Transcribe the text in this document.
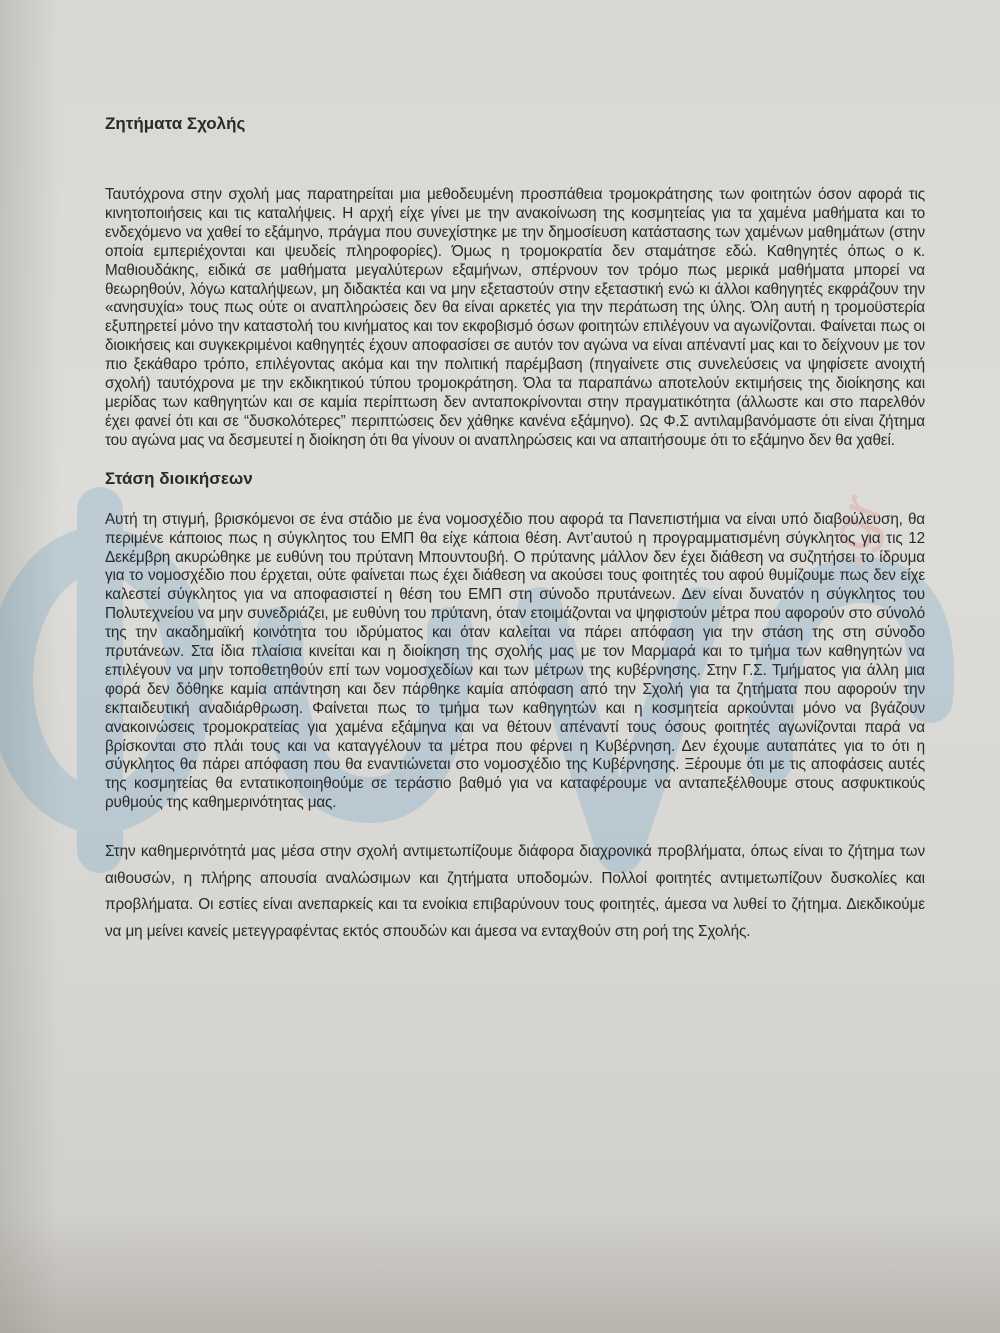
.gr
Ζητήματα Σχολής

Ταυτόχρονα στην σχολή μας παρατηρείται μια μεθοδευμένη προσπάθεια τρομοκράτησης των φοιτητών όσον αφορά τις κινητοποιήσεις και τις καταλήψεις. Η αρχή είχε γίνει με την ανακοίνωση της κοσμητείας για τα χαμένα μαθήματα και το ενδεχόμενο να χαθεί το εξάμηνο, πράγμα που συνεχίστηκε με την δημοσίευση κατάστασης των χαμένων μαθημάτων (στην οποία εμπεριέχονται και ψευδείς πληροφορίες). Όμως η τρομοκρατία δεν σταμάτησε εδώ. Καθηγητές όπως ο κ. Μαθιουδάκης, ειδικά σε μαθήματα μεγαλύτερων εξαμήνων, σπέρνουν τον τρόμο πως μερικά μαθήματα μπορεί να θεωρηθούν, λόγω καταλήψεων, μη διδακτέα και να μην εξεταστούν στην εξεταστική ενώ κι άλλοι καθηγητές εκφράζουν την «ανησυχία» τους πως ούτε οι αναπληρώσεις δεν θα είναι αρκετές για την περάτωση της ύλης. Όλη αυτή η τρομοϋστερία εξυπηρετεί μόνο την καταστολή του κινήματος και τον εκφοβισμό όσων φοιτητών επιλέγουν να αγωνίζονται. Φαίνεται πως οι διοικήσεις και συγκεκριμένοι καθηγητές έχουν αποφασίσει σε αυτόν τον αγώνα να είναι απέναντί μας και το δείχνουν με τον πιο ξεκάθαρο τρόπο, επιλέγοντας ακόμα και την πολιτική παρέμβαση (πηγαίνετε στις συνελεύσεις να ψηφίσετε ανοιχτή σχολή) ταυτόχρονα με την εκδικητικού τύπου τρομοκράτηση. Όλα τα παραπάνω αποτελούν εκτιμήσεις της διοίκησης και μερίδας των καθηγητών και σε καμία περίπτωση δεν ανταποκρίνονται στην πραγματικότητα (άλλωστε και στο παρελθόν έχει φανεί ότι και σε “δυσκολότερες” περιπτώσεις δεν χάθηκε κανένα εξάμηνο). Ως Φ.Σ αντιλαμβανόμαστε ότι είναι ζήτημα του αγώνα μας να δεσμευτεί η διοίκηση ότι θα γίνουν οι αναπληρώσεις και να απαιτήσουμε ότι το εξάμηνο δεν θα χαθεί.

Στάση διοικήσεων

Αυτή τη στιγμή, βρισκόμενοι σε ένα στάδιο με ένα νομοσχέδιο που αφορά τα Πανεπιστήμια να είναι υπό διαβούλευση, θα περιμένε κάποιος πως η σύγκλητος του ΕΜΠ θα είχε κάποια θέση. Αντ’αυτού η προγραμματισμένη σύγκλητος για τις 12 Δεκέμβρη ακυρώθηκε με ευθύνη του πρύτανη Μπουντουβή. Ο πρύτανης μάλλον δεν έχει διάθεση να συζητήσει το ίδρυμα για το νομοσχέδιο που έρχεται, ούτε φαίνεται πως έχει διάθεση να ακούσει τους φοιτητές του αφού θυμίζουμε πως δεν είχε καλεστεί σύγκλητος για να αποφασιστεί η θέση του ΕΜΠ στη σύνοδο πρυτάνεων. Δεν είναι δυνατόν η σύγκλητος του Πολυτεχνείου να μην συνεδριάζει, με ευθύνη του πρύτανη, όταν ετοιμάζονται να ψηφιστούν μέτρα που αφορούν στο σύνολό της την ακαδημαϊκή κοινότητα του ιδρύματος και όταν καλείται να πάρει απόφαση για την στάση της στη σύνοδο πρυτάνεων. Στα ίδια πλαίσια κινείται και η διοίκηση της σχολής μας με τον Μαρμαρά και το τμήμα των καθηγητών να επιλέγουν να μην τοποθετηθούν επί των νομοσχεδίων και των μέτρων της κυβέρνησης. Στην Γ.Σ. Τμήματος για άλλη μια φορά δεν δόθηκε καμία απάντηση και δεν πάρθηκε καμία απόφαση από την Σχολή για τα ζητήματα που αφορούν την εκπαιδευτική αναδιάρθρωση. Φαίνεται πως το τμήμα των καθηγητών και η κοσμητεία αρκούνται μόνο να βγάζουν ανακοινώσεις τρομοκρατείας για χαμένα εξάμηνα και να θέτουν απέναντί τους όσους φοιτητές αγωνίζονται παρά να βρίσκονται στο πλάι τους και να καταγγέλουν τα μέτρα που φέρνει η Κυβέρνηση. Δεν έχουμε αυταπάτες για το ότι η σύγκλητος θα πάρει απόφαση που θα εναντιώνεται στο νομοσχέδιο της Κυβέρνησης. Ξέρουμε ότι με τις αποφάσεις αυτές της κοσμητείας θα εντατικοποιηθούμε σε τεράστιο βαθμό για να καταφέρουμε να ανταπεξέλθουμε στους ασφυκτικούς ρυθμούς της καθημερινότητας μας.

Στην καθημερινότητά μας μέσα στην σχολή αντιμετωπίζουμε διάφορα διαχρονικά προβλήματα, όπως είναι το ζήτημα των αιθουσών, η πλήρης απουσία αναλώσιμων και ζητήματα υποδομών. Πολλοί φοιτητές αντιμετωπίζουν δυσκολίες και προβλήματα. Οι εστίες είναι ανεπαρκείς και τα ενοίκια επιβαρύνουν τους φοιτητές, άμεσα να λυθεί το ζήτημα. Διεκδικούμε να μη μείνει κανείς μετεγγραφέντας εκτός σπουδών και άμεσα να ενταχθούν στη ροή της Σχολής.
